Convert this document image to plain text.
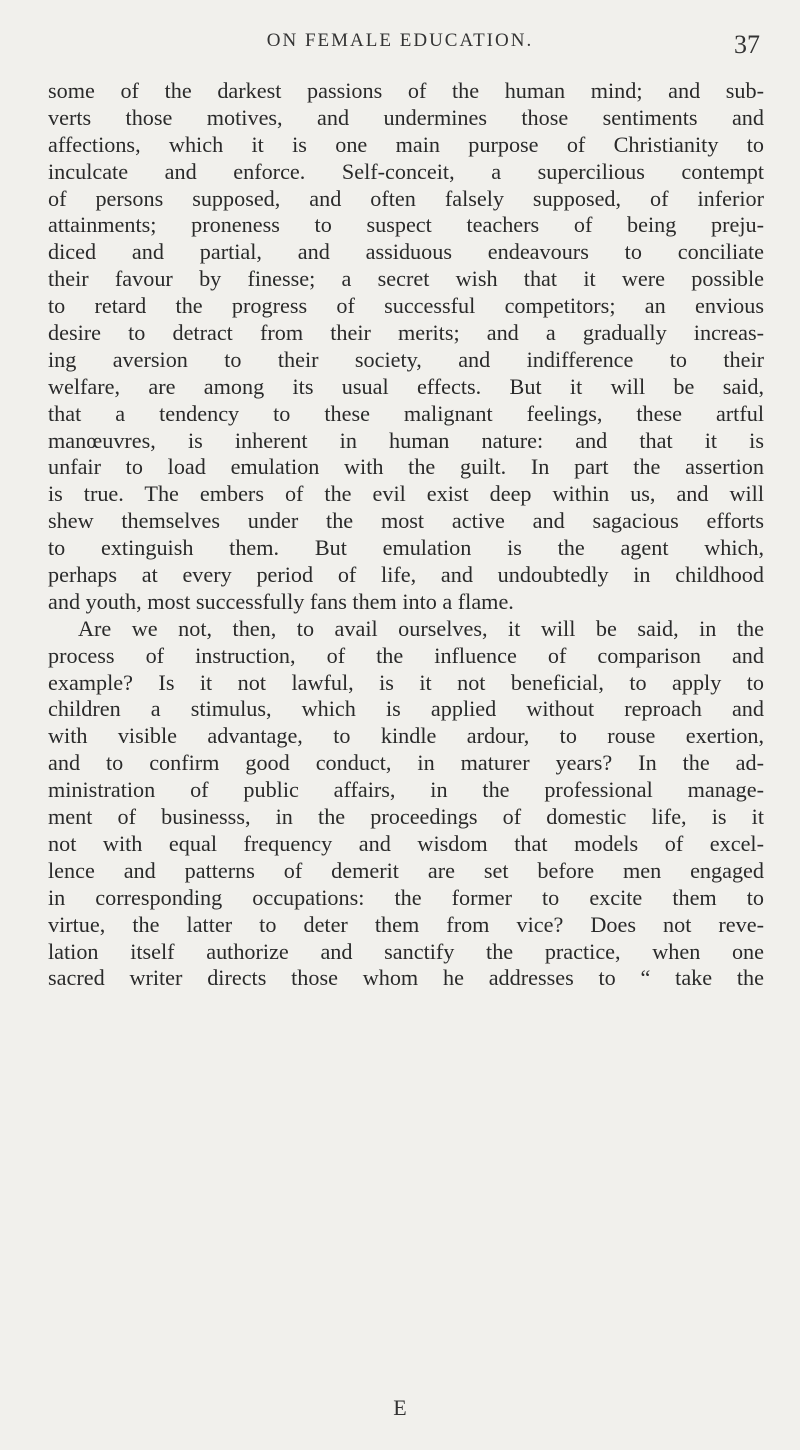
ON FEMALE EDUCATION.	37
some of the darkest passions of the human mind; and sub-
verts those motives, and undermines those sentiments and
affections, which it is one main purpose of Christianity to
inculcate and enforce. Self-conceit, a supercilious contempt
of persons supposed, and often falsely supposed, of inferior
attainments; proneness to suspect teachers of being preju-
diced and partial, and assiduous endeavours to conciliate
their favour by finesse; a secret wish that it were possible
to retard the progress of successful competitors; an envious
desire to detract from their merits; and a gradually increas-
ing aversion to their society, and indifference to their
welfare, are among its usual effects. But it will be said,
that a tendency to these malignant feelings, these artful
manœuvres, is inherent in human nature: and that it is
unfair to load emulation with the guilt. In part the assertion
is true. The embers of the evil exist deep within us, and will
shew themselves under the most active and sagacious efforts
to extinguish them. But emulation is the agent which,
perhaps at every period of life, and undoubtedly in childhood
and youth, most successfully fans them into a flame.
Are we not, then, to avail ourselves, it will be said, in the
process of instruction, of the influence of comparison and
example? Is it not lawful, is it not beneficial, to apply to
children a stimulus, which is applied without reproach and
with visible advantage, to kindle ardour, to rouse exertion,
and to confirm good conduct, in maturer years? In the ad-
ministration of public affairs, in the professional manage-
ment of businesss, in the proceedings of domestic life, is it
not with equal frequency and wisdom that models of excel-
lence and patterns of demerit are set before men engaged
in corresponding occupations: the former to excite them to
virtue, the latter to deter them from vice? Does not reve-
lation itself authorize and sanctify the practice, when one
sacred writer directs those whom he addresses to “ take the
E
